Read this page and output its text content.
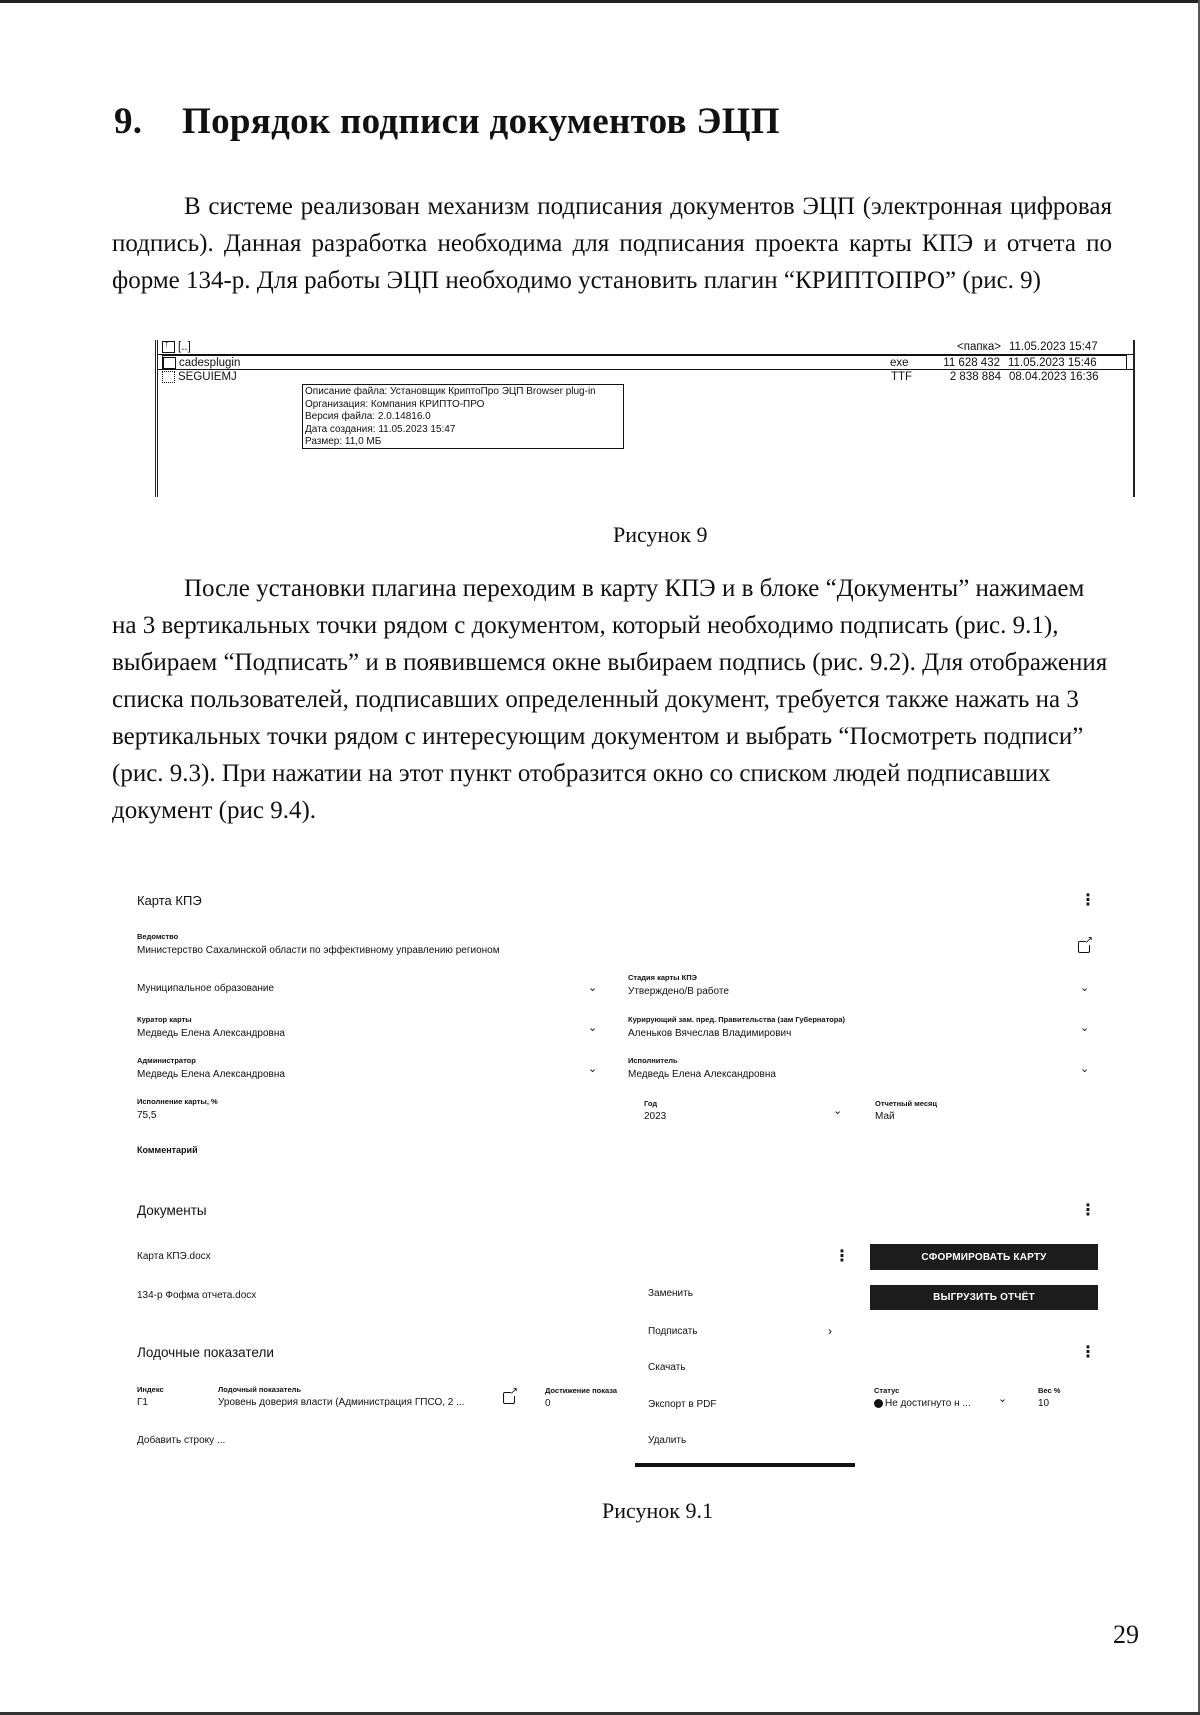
9. Порядок подписи документов ЭЦП

В системе реализован механизм подписания документов ЭЦП (электронная цифровая подпись). Данная разработка необходима для подписания проекта карты КПЭ и отчета по форме 134-р. Для работы ЭЦП необходимо установить плагин “КРИПТОПРО” (рис. 9)

↑
[..]	<папка> 11.05.2023 15:47
cadesplugin	exe	11 628 432 11.05.2023 15:46
SEGUIEMJ	TTF	2 838 884 08.04.2023 16:36
Описание файла: Установщик КриптоПро ЭЦП Browser plug-in
Организация: Компания КРИПТО-ПРО
Версия файла: 2.0.14816.0
Дата создания: 11.05.2023 15:47
Размер: 11,0 МБ
Рисунок 9

После установки плагина переходим в карту КПЭ и в блоке “Документы” нажимаем на 3 вертикальных точки рядом с документом, который необходимо подписать (рис. 9.1), выбираем “Подписать” и в появившемся окне выбираем подпись (рис. 9.2). Для отображения списка пользователей, подписавших определенный документ, требуется также нажать на 3 вертикальных точки рядом с интересующим документом и выбрать “Посмотреть подписи” (рис. 9.3). При нажатии на этот пункт отобразится окно со списком людей подписавших документ (рис 9.4).

Карта КПЭ	⋮
Ведомство
Министерство Сахалинской области по эффективному управлению регионом
↗
Муниципальное образование	⌄
Стадия карты КПЭ
Утверждено/В работе	⌄
Куратор карты
Медведь Елена Александровна	⌄
Курирующий зам. пред. Правительства (зам Губернатора)
Аленьков Вячеслав Владимирович	⌄
Администратор
Медведь Елена Александровна	⌄
Исполнитель
Медведь Елена Александровна	⌄
Исполнение карты, %
75,5
Год
2023	⌄
Отчетный месяц
Май
Комментарий
Документы	⋮
Карта КПЭ.docx	⋮	СФОРМИРОВАТЬ КАРТУ
134-р Фофма отчета.docx	ВЫГРУЗИТЬ ОТЧЁТ
Заменить
Подписать	›
Скачать
Экспорт в PDF
Удалить
Лодочные показатели	⋮
Индекс
Г1
Лодочный показатель
Уровень доверия власти (Администрация ГПСО, 2 ...
↗
Достижение показа
0
Статус
Не достигнуто н ... ⌄
Вес %
10
Добавить строку ...
Рисунок 9.1
29
